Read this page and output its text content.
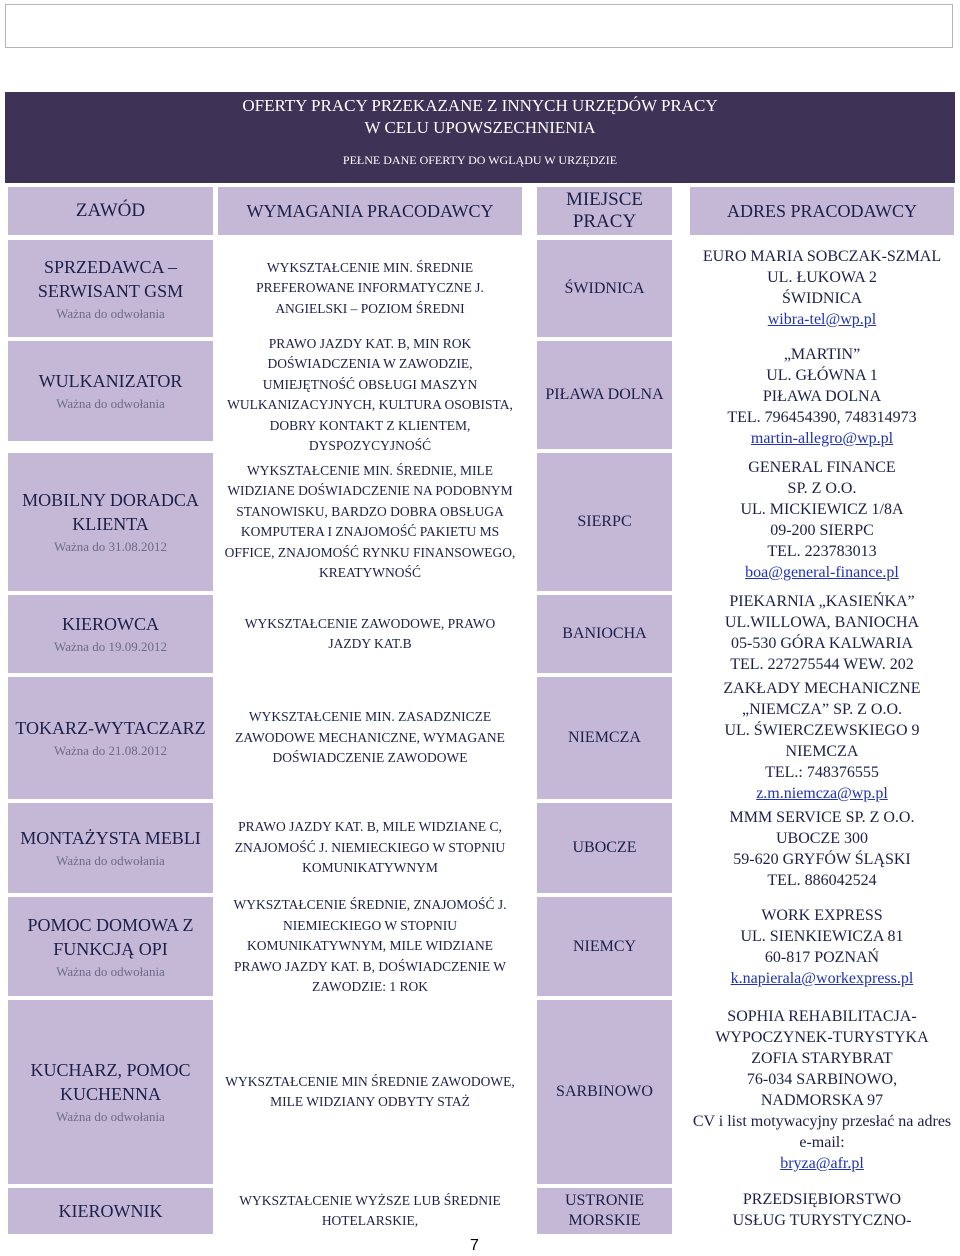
OFERTY PRACY PRZEKAZANE Z INNYCH URZĘDÓW PRACY
W CELU UPOWSZECHNIENIA
PEŁNE DANE OFERTY DO WGLĄDU W URZĘDZIE
ZAWÓD	WYMAGANIA PRACODAWCY
MIEJSCE PRACY
ADRES PRACODAWCY
SPRZEDAWCA – SERWISANT GSM
Ważna do odwołania
WYKSZTAŁCENIE MIN. ŚREDNIE PREFEROWANE INFORMATYCZNE J. ANGIELSKI – POZIOM ŚREDNI
ŚWIDNICA
EURO MARIA SOBCZAK-SZMAL
UL. ŁUKOWA 2
ŚWIDNICA
wibra-tel@wp.pl
WULKANIZATOR
Ważna do odwołania
PRAWO JAZDY KAT. B, MIN ROK DOŚWIADCZENIA W ZAWODZIE, UMIEJĘTNOŚĆ OBSŁUGI MASZYN WULKANIZACYJNYCH, KULTURA OSOBISTA, DOBRY KONTAKT Z KLIENTEM, DYSPOZYCYJNOŚĆ
PIŁAWA DOLNA
„MARTIN”
UL. GŁÓWNA 1
PIŁAWA DOLNA
TEL. 796454390, 748314973
martin-allegro@wp.pl
MOBILNY DORADCA KLIENTA
Ważna do 31.08.2012
WYKSZTAŁCENIE MIN. ŚREDNIE, MILE WIDZIANE DOŚWIADCZENIE NA PODOBNYM STANOWISKU, BARDZO DOBRA OBSŁUGA KOMPUTERA I ZNAJOMOŚĆ PAKIETU MS OFFICE, ZNAJOMOŚĆ RYNKU FINANSOWEGO, KREATYWNOŚĆ
SIERPC
GENERAL FINANCE
SP. Z O.O.
UL. MICKIEWICZ 1/8A
09-200 SIERPC
TEL. 223783013
boa@general-finance.pl
KIEROWCA
Ważna do 19.09.2012
WYKSZTAŁCENIE ZAWODOWE, PRAWO JAZDY KAT.B
BANIOCHA
PIEKARNIA „KASIEŃKA”
UL.WILLOWA, BANIOCHA
05-530 GÓRA KALWARIA
TEL. 227275544 WEW. 202
TOKARZ-WYTACZARZ
Ważna do 21.08.2012
WYKSZTAŁCENIE MIN. ZASADZNICZE ZAWODOWE MECHANICZNE, WYMAGANE DOŚWIADCZENIE ZAWODOWE
NIEMCZA
ZAKŁADY MECHANICZNE
„NIEMCZA” SP. Z O.O.
UL. ŚWIERCZEWSKIEGO 9
NIEMCZA
TEL.: 748376555
z.m.niemcza@wp.pl
MONTAŻYSTA MEBLI
Ważna do odwołania
PRAWO JAZDY KAT. B, MILE WIDZIANE C, ZNAJOMOŚĆ J. NIEMIECKIEGO W STOPNIU KOMUNIKATYWNYM
UBOCZE
MMM SERVICE SP. Z O.O.
UBOCZE 300
59-620 GRYFÓW ŚLĄSKI
TEL. 886042524
POMOC DOMOWA Z FUNKCJĄ OPI
Ważna do odwołania
WYKSZTAŁCENIE ŚREDNIE, ZNAJOMOŚĆ J. NIEMIECKIEGO W STOPNIU KOMUNIKATYWNYM, MILE WIDZIANE PRAWO JAZDY KAT. B, DOŚWIADCZENIE W ZAWODZIE: 1 ROK
NIEMCY
WORK EXPRESS
UL. SIENKIEWICZA 81
60-817 POZNAŃ
k.napierala@workexpress.pl
KUCHARZ, POMOC KUCHENNA
Ważna do odwołania
WYKSZTAŁCENIE MIN ŚREDNIE ZAWODOWE, MILE WIDZIANY ODBYTY STAŻ
SARBINOWO
SOPHIA REHABILITACJA-WYPOCZYNEK-TURYSTYKA
ZOFIA STARYBRAT
76-034 SARBINOWO,
NADMORSKA 97
CV i list motywacyjny przesłać na adres e-mail:
bryza@afr.pl
KIEROWNIK
WYKSZTAŁCENIE WYŻSZE LUB ŚREDNIE HOTELARSKIE,
USTRONIE MORSKIE
PRZEDSIĘBIORSTWO
USŁUG TURYSTYCZNO-
7
